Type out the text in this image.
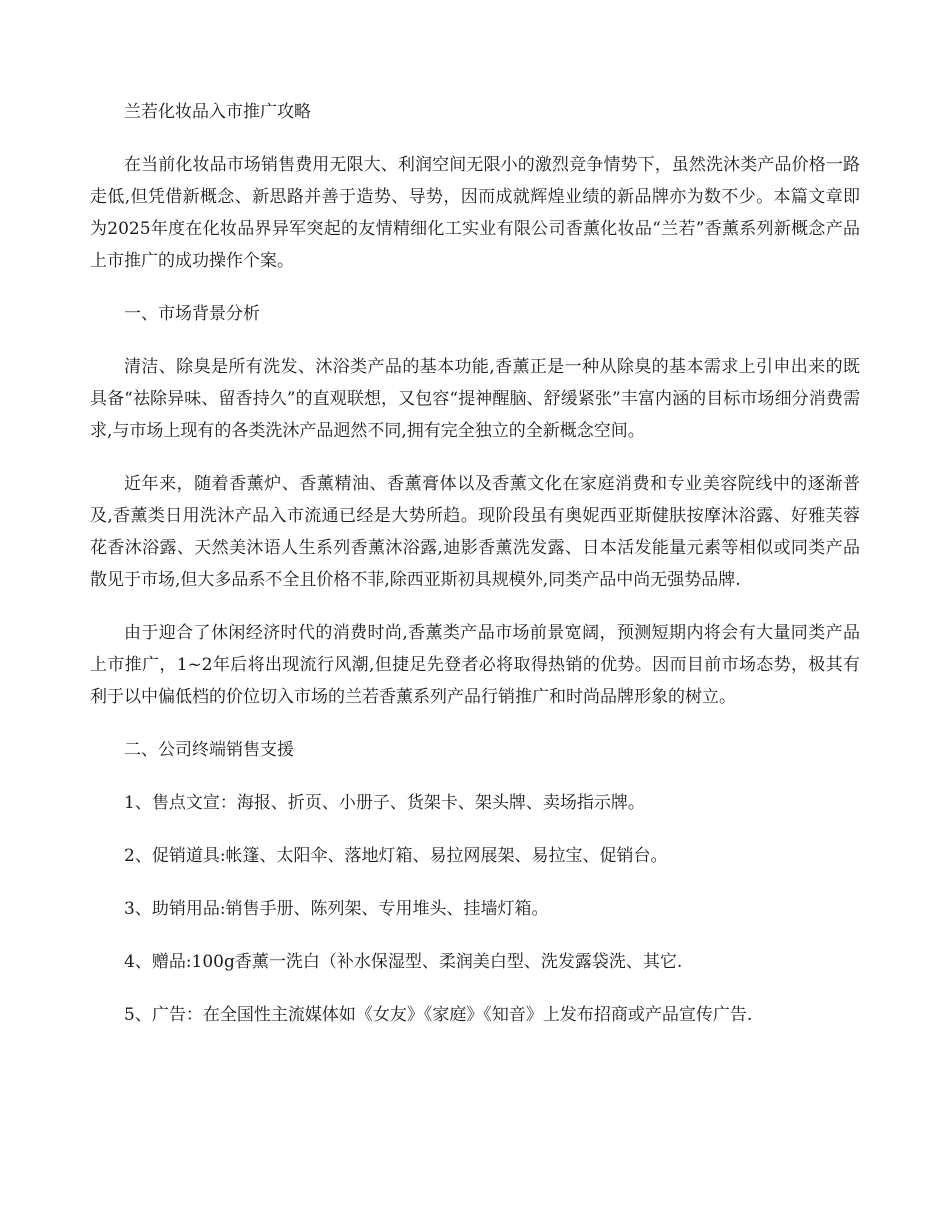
兰若化妆品入市推广攻略

在当前化妆品市场销售费用无限大、利润空间无限小的激烈竞争情势下，虽然洗沐类产品价格一路走低,但凭借新概念、新思路并善于造势、导势，因而成就辉煌业绩的新品牌亦为数不少。本篇文章即为2025年度在化妆品界异军突起的友情精细化工实业有限公司香薰化妆品“兰若”香薰系列新概念产品上市推广的成功操作个案。

一、市场背景分析

清洁、除臭是所有洗发、沐浴类产品的基本功能,香薰正是一种从除臭的基本需求上引申出来的既具备“祛除异味、留香持久”的直观联想，又包容“提神醒脑、舒缓紧张”丰富内涵的目标市场细分消费需求,与市场上现有的各类洗沐产品迥然不同,拥有完全独立的全新概念空间。

近年来，随着香薰炉、香薰精油、香薰膏体以及香薰文化在家庭消费和专业美容院线中的逐渐普及,香薰类日用洗沐产品入市流通已经是大势所趋。现阶段虽有奥妮西亚斯健肤按摩沐浴露、好雅芙蓉花香沐浴露、天然美沐语人生系列香薰沐浴露,迪影香薰洗发露、日本活发能量元素等相似或同类产品散见于市场,但大多品系不全且价格不菲,除西亚斯初具规模外,同类产品中尚无强势品牌.

由于迎合了休闲经济时代的消费时尚,香薰类产品市场前景宽阔，预测短期内将会有大量同类产品上市推广，1~2年后将出现流行风潮,但捷足先登者必将取得热销的优势。因而目前市场态势，极其有利于以中偏低档的价位切入市场的兰若香薰系列产品行销推广和时尚品牌形象的树立。

二、公司终端销售支援

1、售点文宣：海报、折页、小册子、货架卡、架头牌、卖场指示牌。

2、促销道具:帐篷、太阳伞、落地灯箱、易拉网展架、易拉宝、促销台。

3、助销用品:销售手册、陈列架、专用堆头、挂墙灯箱。

4、赠品:100g香薰一洗白（补水保湿型、柔润美白型、洗发露袋洗、其它.

5、广告：在全国性主流媒体如《女友》《家庭》《知音》上发布招商或产品宣传广告.
